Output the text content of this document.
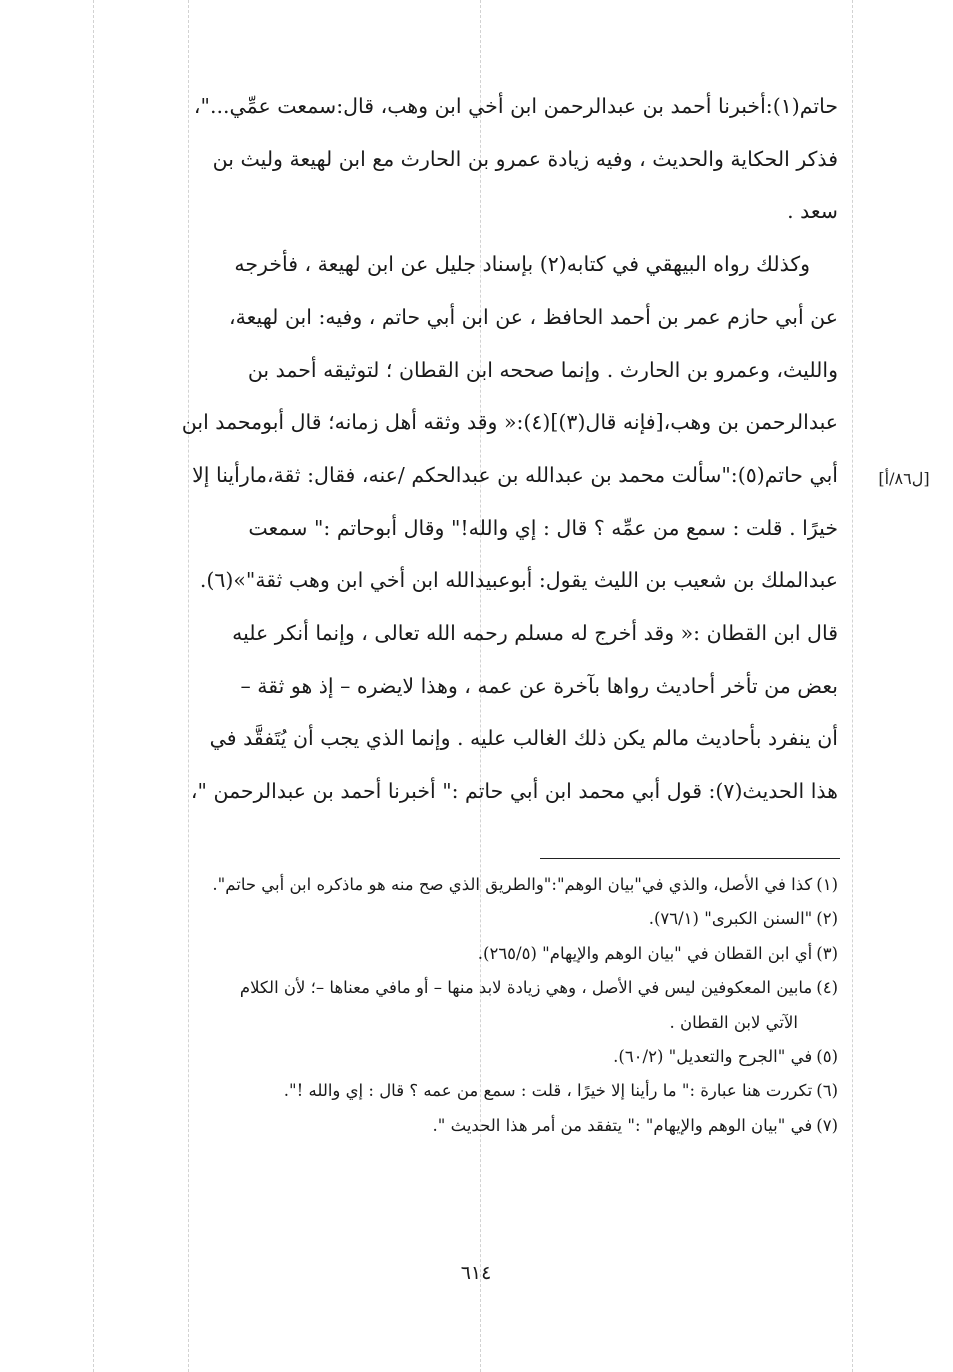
حاتم(١):أخبرنا أحمد بن عبدالرحمن ابن أخي ابن وهب، قال:سمعت عمِّي..."،

فذكر الحكاية والحديث ، وفيه زيادة عمرو بن الحارث مع ابن لهيعة وليث بن

سعد .

وكذلك رواه البيهقي في كتابه(٢) بإسناد جليل عن ابن لهيعة ، فأخرجه

عن أبي حازم عمر بن أحمد الحافظ ، عن ابن أبي حاتم ، وفيه: ابن لهيعة،

والليث، وعمرو بن الحارث . وإنما صححه ابن القطان ؛ لتوثيقه أحمد بن

عبدالرحمن بن وهب،[فإنه قال(٣)](٤):« وقد وثقه أهل زمانه؛ قال أبومحمد ابن

أبي حاتم(٥):"سألت محمد بن عبدالله بن عبدالحكم /عنه، فقال: ثقة،مارأينا إلا

خيرًا . قلت : سمع من عمِّه ؟ قال : إي والله!" وقال أبوحاتم :" سمعت

عبدالملك بن شعيب بن الليث يقول: أبوعبيدالله ابن أخي ابن وهب ثقة"»(٦).

قال ابن القطان :« وقد أخرج له مسلم رحمه الله تعالى ، وإنما أنكر عليه

بعض من تأخر أحاديث رواها بآخرة عن عمه ، وهذا لايضره – إذ هو ثقة –

أن ينفرد بأحاديث مالم يكن ذلك الغالب عليه . وإنما الذي يجب أن يُتَفقَّد في

هذا الحديث(٧): قول أبي محمد ابن أبي حاتم :" أخبرنا أحمد بن عبدالرحمن "،

[ل٨٦/أ]

(١)كذا في الأصل، والذي في"بيان الوهم":"والطريق الذي صح منه هو ماذكره ابن أبي حاتم".

(٢)"السنن الكبرى" (٧٦/١).

(٣)أي ابن القطان في "بيان الوهم والإيهام" (٢٦٥/٥).

(٤)مابين المعكوفين ليس في الأصل ، وهي زيادة لابد منها – أو مافي معناها –؛ لأن الكلام

الآتي لابن القطان .

(٥)في "الجرح والتعديل" (٦٠/٢).

(٦)تكررت هنا عبارة :" ما رأينا إلا خيرًا ، قلت : سمع من عمه ؟ قال : إي والله !".

(٧)في "بيان الوهم والإيهام" :" يتفقد من أمر هذا الحديث ".

٦١٤
